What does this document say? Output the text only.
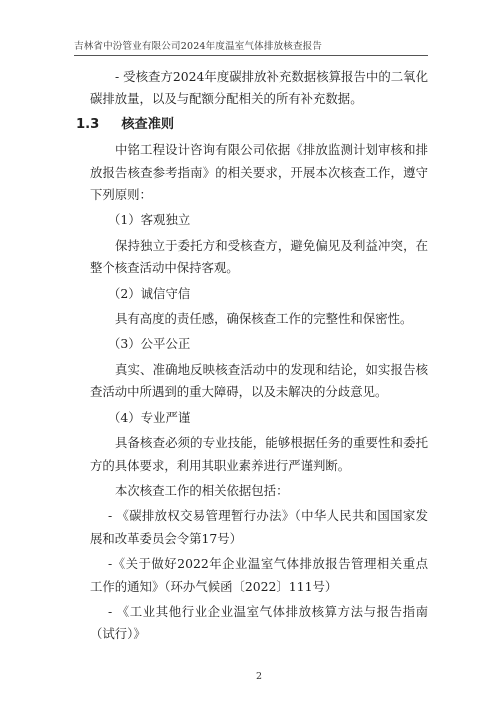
吉林省中汾管业有限公司2024年度温室气体排放核查报告

- 受核查方2024年度碳排放补充数据核算报告中的二氧化碳排放量，以及与配额分配相关的所有补充数据。

1.3 核查准则

中铭工程设计咨询有限公司依据《排放监测计划审核和排放报告核查参考指南》的相关要求，开展本次核查工作，遵守下列原则：

（1）客观独立

保持独立于委托方和受核查方，避免偏见及利益冲突，在整个核查活动中保持客观。

（2）诚信守信

具有高度的责任感，确保核查工作的完整性和保密性。

（3）公平公正

真实、准确地反映核查活动中的发现和结论，如实报告核查活动中所遇到的重大障碍，以及未解决的分歧意见。

（4）专业严谨

具备核查必须的专业技能，能够根据任务的重要性和委托方的具体要求，利用其职业素养进行严谨判断。

本次核查工作的相关依据包括：

- 《碳排放权交易管理暂行办法》（中华人民共和国国家发展和改革委员会令第17号）

-《关于做好2022年企业温室气体排放报告管理相关重点工作的通知》（环办气候函〔2022〕111号）

- 《工业其他行业企业温室气体排放核算方法与报告指南（试行）》

2
